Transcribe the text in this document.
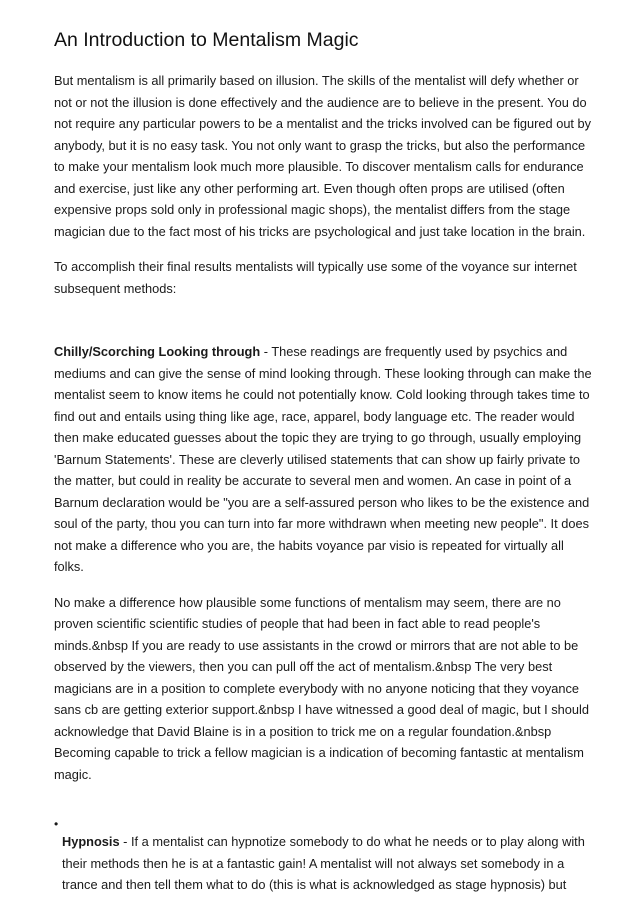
An Introduction to Mentalism Magic

But mentalism is all primarily based on illusion. The skills of the mentalist will defy whether or not or not the illusion is done effectively and the audience are to believe in the present. You do not require any particular powers to be a mentalist and the tricks involved can be figured out by anybody, but it is no easy task. You not only want to grasp the tricks, but also the performance to make your mentalism look much more plausible. To discover mentalism calls for endurance and exercise, just like any other performing art. Even though often props are utilised (often expensive props sold only in professional magic shops), the mentalist differs from the stage magician due to the fact most of his tricks are psychological and just take location in the brain.

To accomplish their final results mentalists will typically use some of the voyance sur internet subsequent methods:

Chilly/Scorching Looking through - These readings are frequently used by psychics and mediums and can give the sense of mind looking through. These looking through can make the mentalist seem to know items he could not potentially know. Cold looking through takes time to find out and entails using thing like age, race, apparel, body language etc. The reader would then make educated guesses about the topic they are trying to go through, usually employing 'Barnum Statements'. These are cleverly utilised statements that can show up fairly private to the matter, but could in reality be accurate to several men and women. An case in point of a Barnum declaration would be "you are a self-assured person who likes to be the existence and soul of the party, thou you can turn into far more withdrawn when meeting new people". It does not make a difference who you are, the habits voyance par visio is repeated for virtually all folks.

No make a difference how plausible some functions of mentalism may seem, there are no proven scientific scientific studies of people that had been in fact able to read people's minds.&nbsp If you are ready to use assistants in the crowd or mirrors that are not able to be observed by the viewers, then you can pull off the act of mentalism.&nbsp The very best magicians are in a position to complete everybody with no anyone noticing that they voyance sans cb are getting exterior support.&nbsp I have witnessed a good deal of magic, but I should acknowledge that David Blaine is in a position to trick me on a regular foundation.&nbsp Becoming capable to trick a fellow magician is a indication of becoming fantastic at mentalism magic.

•

Hypnosis - If a mentalist can hypnotize somebody to do what he needs or to play along with their methods then he is at a fantastic gain! A mentalist will not always set somebody in a trance and then tell them what to do (this is what is acknowledged as stage hypnosis) but
